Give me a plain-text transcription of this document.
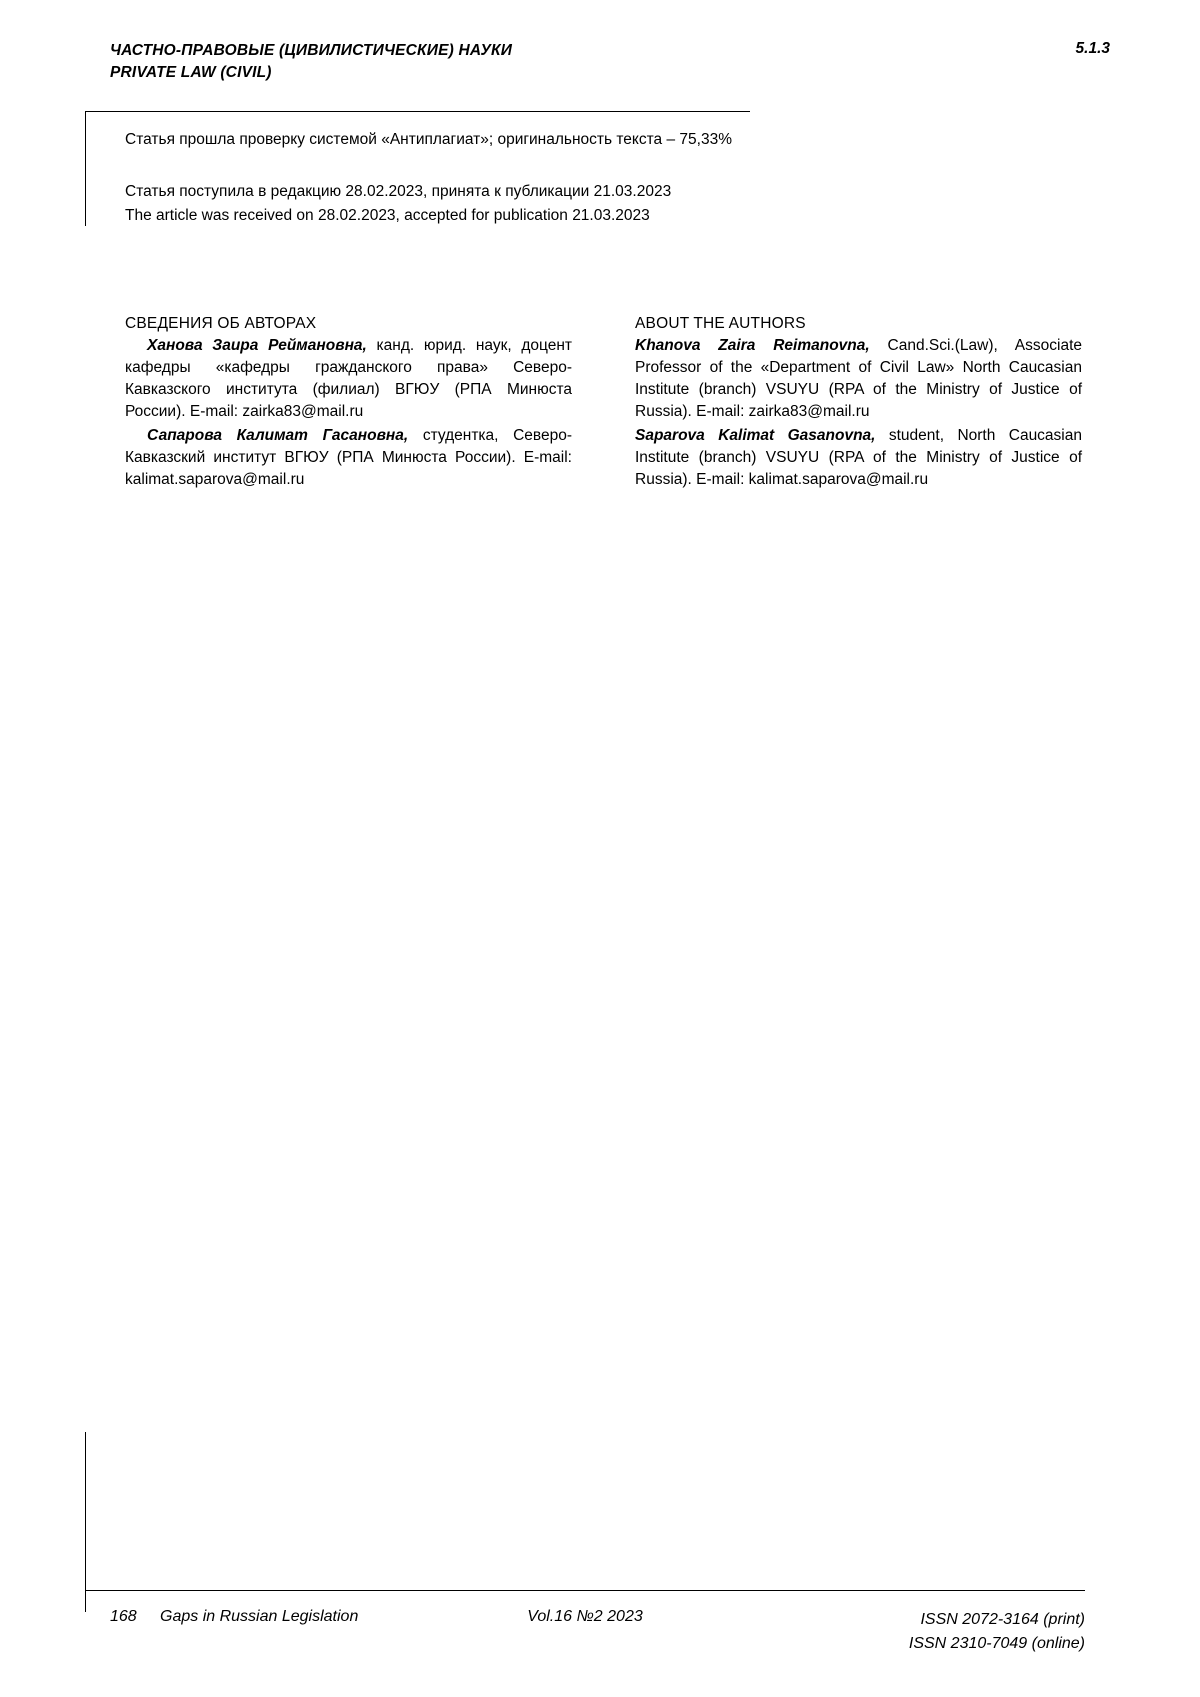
ЧАСТНО-ПРАВОВЫЕ (ЦИВИЛИСТИЧЕСКИЕ) НАУКИ
PRIVATE LAW (CIVIL)
5.1.3

Статья прошла проверку системой «Антиплагиат»; оригинальность текста – 75,33%

Статья поступила в редакцию 28.02.2023, принята к публикации 21.03.2023

The article was received on 28.02.2023, accepted for publication 21.03.2023

СВЕДЕНИЯ ОБ АВТОРАХ

Ханова Заира Реймановна, канд. юрид. наук, доцент кафедры «кафедры гражданского права» Северо-Кавказского института (филиал) ВГЮУ (РПА Минюста России). E-mail: zairka83@mail.ru

Сапарова Калимат Гасановна, студентка, Северо-Кавказский институт ВГЮУ (РПА Минюста России). E-mail: kalimat.saparova@mail.ru

ABOUT THE AUTHORS

Khanova Zaira Reimanovna, Cand.Sci.(Law), Associate Professor of the «Department of Civil Law» North Caucasian Institute (branch) VSUYU (RPA of the Ministry of Justice of Russia). E-mail: zairka83@mail.ru

Saparova Kalimat Gasanovna, student, North Caucasian Institute (branch) VSUYU (RPA of the Ministry of Justice of Russia). E-mail: kalimat.saparova@mail.ru

168 Gaps in Russian Legislation	Vol.16 №2 2023	ISSN 2072-3164 (print)
ISSN 2310-7049 (online)
